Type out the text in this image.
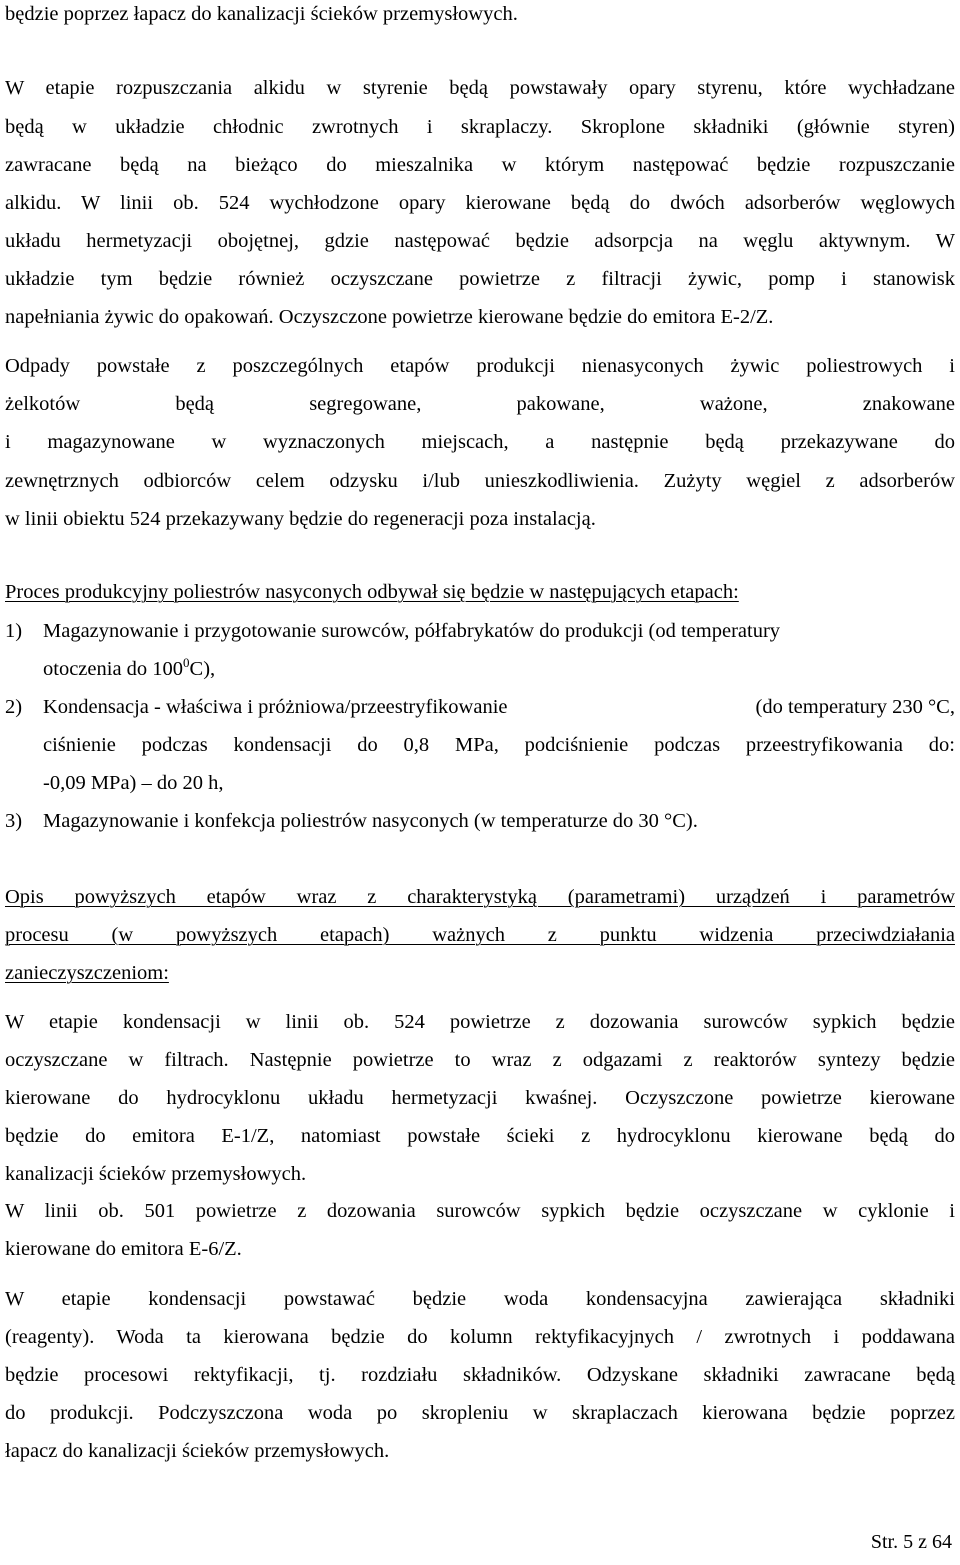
będzie poprzez łapacz do kanalizacji ścieków przemysłowych.
W etapie rozpuszczania alkidu w styrenie będą powstawały opary styrenu, które wychładzane
będą w układzie chłodnic zwrotnych i skraplaczy. Skroplone składniki (głównie styren)
zawracane będą na bieżąco do mieszalnika w którym następować będzie rozpuszczanie
alkidu. W linii ob. 524 wychłodzone opary kierowane będą do dwóch adsorberów węglowych
układu hermetyzacji obojętnej, gdzie następować będzie adsorpcja na węglu aktywnym. W
układzie tym będzie również oczyszczane powietrze z filtracji żywic, pomp i stanowisk
napełniania żywic do opakowań. Oczyszczone powietrze kierowane będzie do emitora E-2/Z.
Odpady powstałe z poszczególnych etapów produkcji nienasyconych żywic poliestrowych i
żelkotów będą segregowane, pakowane, ważone, znakowane
i magazynowane w wyznaczonych miejscach, a następnie będą przekazywane do
zewnętrznych odbiorców celem odzysku i/lub unieszkodliwienia. Zużyty węgiel z adsorberów
w linii obiektu 524 przekazywany będzie do regeneracji poza instalacją.
Proces produkcyjny poliestrów nasyconych odbywał się będzie w następujących etapach:
1) Magazynowanie i przygotowanie surowców, półfabrykatów do produkcji (od temperatury
otoczenia do $100^0C$),
2) Kondensacja - właściwa i próżniowa/przeestryfikowanie	(do temperatury 230 °C,
ciśnienie podczas kondensacji do 0,8 MPa, podciśnienie podczas przeestryfikowania do:
-0,09 MPa) – do 20 h,
3) Magazynowanie i konfekcja poliestrów nasyconych (w temperaturze do 30 °C).
Opis powyższych etapów wraz z charakterystyką (parametrami) urządzeń i parametrów
procesu (w powyższych etapach) ważnych z punktu widzenia przeciwdziałania
zanieczyszczeniom:
W etapie kondensacji w linii ob. 524 powietrze z dozowania surowców sypkich będzie
oczyszczane w filtrach. Następnie powietrze to wraz z odgazami z reaktorów syntezy będzie
kierowane do hydrocyklonu układu hermetyzacji kwaśnej. Oczyszczone powietrze kierowane
będzie do emitora E-1/Z, natomiast powstałe ścieki z hydrocyklonu kierowane będą do
kanalizacji ścieków przemysłowych.
W linii ob. 501 powietrze z dozowania surowców sypkich będzie oczyszczane w cyklonie i
kierowane do emitora E-6/Z.
W etapie kondensacji powstawać będzie woda kondensacyjna zawierająca składniki
(reagenty). Woda ta kierowana będzie do kolumn rektyfikacyjnych / zwrotnych i poddawana
będzie procesowi rektyfikacji, tj. rozdziału składników. Odzyskane składniki zawracane będą
do produkcji. Podczyszczona woda po skropleniu w skraplaczach kierowana będzie poprzez
łapacz do kanalizacji ścieków przemysłowych.
Str. 5 z 64
